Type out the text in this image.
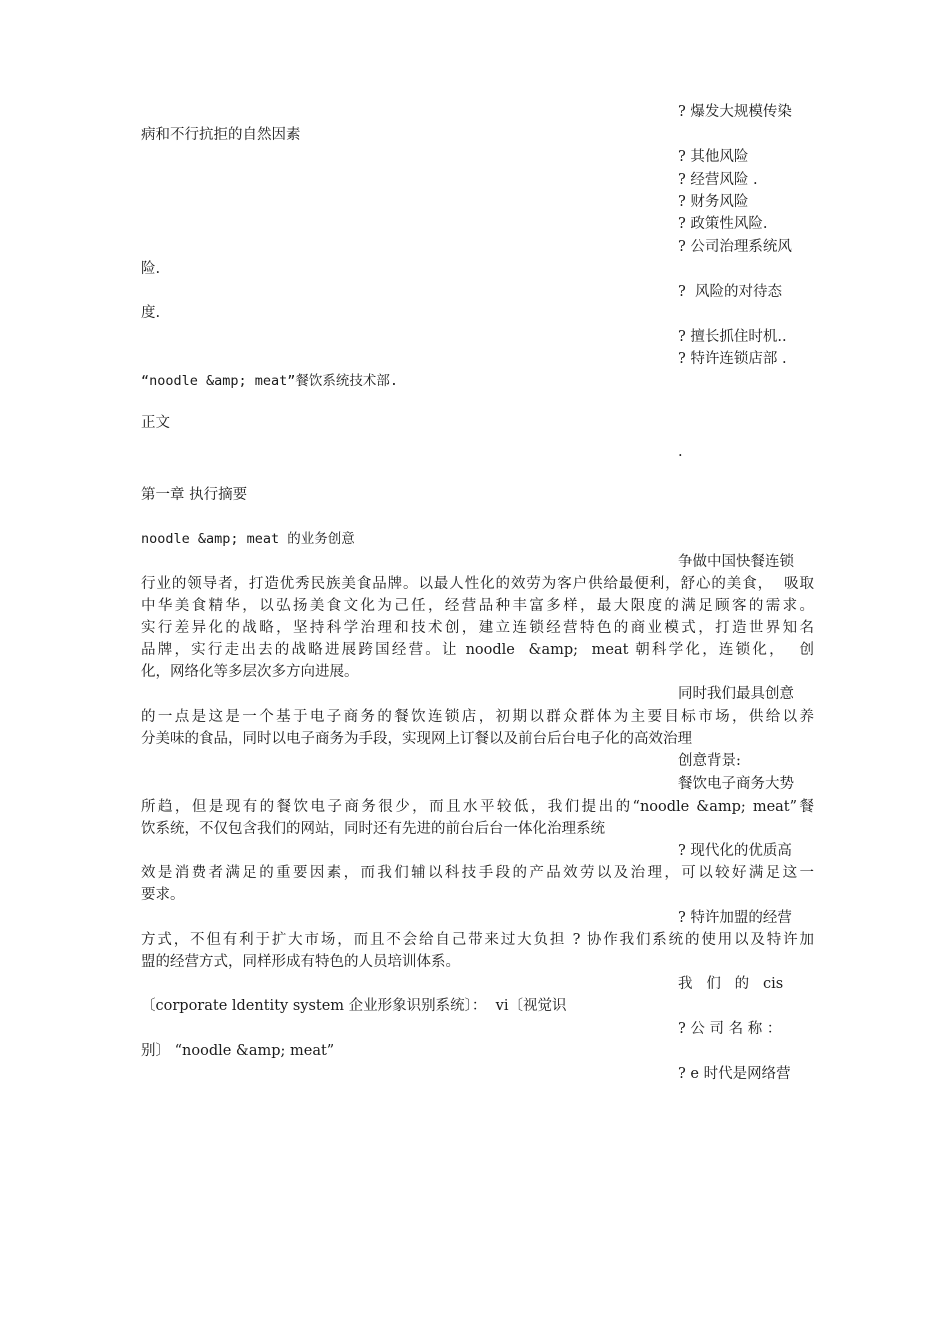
? 爆发大规模传染
病和不行抗拒的自然因素
? 其他风险
? 经营风险 .
? 财务风险
? 政策性风险.
? 公司治理系统风
险.
?  风险的对待态
度.
? 擅长抓住时机..
? 特许连锁店部 .
“noodle &amp; meat”餐饮系统技术部.
正文
.
第一章 执行摘要
noodle &amp; meat 的业务创意
争做中国快餐连锁
行业的领导者，打造优秀民族美食品牌。以最人性化的效劳为客户供给最便利，舒心的美食，  吸取
中华美食精华，以弘扬美食文化为己任，经营品种丰富多样，最大限度的满足顾客的需求。
实行差异化的战略，坚持科学治理和技术创，建立连锁经营特色的商业模式，打造世界知名
品牌，实行走出去的战略进展跨国经营。让 noodle  &amp;  meat 朝科学化，连锁化，  创
化，网络化等多层次多方向进展。
同时我们最具创意
的一点是这是一个基于电子商务的餐饮连锁店，初期以群众群体为主要目标市场，供给以养
分美味的食品，同时以电子商务为手段，实现网上订餐以及前台后台电子化的高效治理
创意背景:
餐饮电子商务大势
所趋，但是现有的餐饮电子商务很少，而且水平较低，我们提出的“noodle &amp; meat”餐
饮系统，不仅包含我们的网站，同时还有先进的前台后台一体化治理系统
? 现代化的优质高
效是消费者满足的重要因素，而我们辅以科技手段的产品效劳以及治理，可以较好满足这一
要求。
? 特许加盟的经营
方式，不但有利于扩大市场，而且不会给自己带来过大负担 ? 协作我们系统的使用以及特许加
盟的经营方式，同样形成有特色的人员培训体系。
我   们   的   cis
〔corporate ldentity system 企业形象识别系统〕：  vi〔视觉识
? 公 司 名 称 ：
别〕 “noodle &amp; meat”
? e 时代是网络营
